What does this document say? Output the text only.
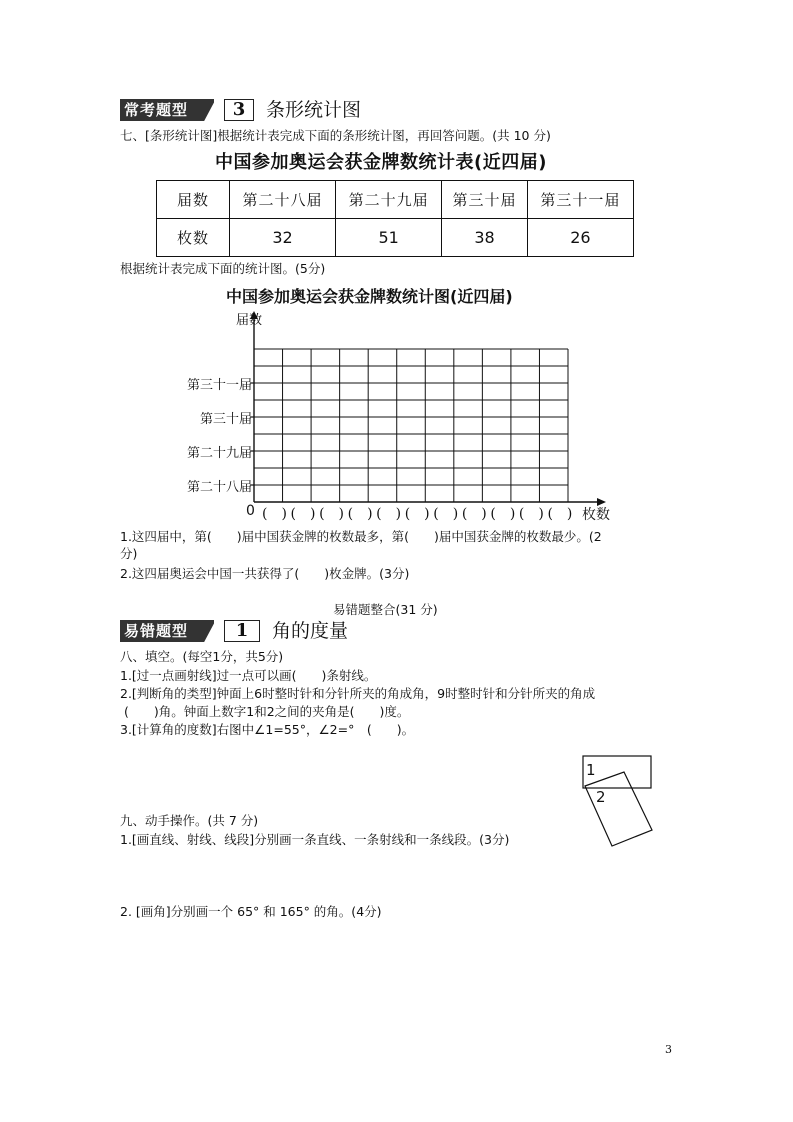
常考题型	3	条形统计图
七、[条形统计图]根据统计表完成下面的条形统计图，再回答问题。(共 10 分)
中国参加奥运会获金牌数统计表(近四届)
届数	第二十八届	第二十九届	第三十届	第三十一届
枚数	32	51	38	26
根据统计表完成下面的统计图。(5分)
中国参加奥运会获金牌数统计图(近四届)
第三十一届
第三十届
第二十九届
第二十八届
届数
枚数
0 (　) (　) (　) (　) (　) (　) (　) (　) (　) (　) (　)
1.这四届中，第(　　)届中国获金牌的枚数最多，第(　　)届中国获金牌的枚数最少。(2
分)
2.这四届奥运会中国一共获得了(　　)枚金牌。(3分)
易错题整合(31 分)
易错题型	1	角的度量
八、填空。(每空1分，共5分)
1.[过一点画射线]过一点可以画(　　)条射线。
2.[判断角的类型]钟面上6时整时针和分针所夹的角成角，9时整时针和分针所夹的角成
(　　)角。钟面上数字1和2之间的夹角是(　　)度。
3.[计算角的度数]右图中∠1=55°，∠2=°　(　　)。
1
2
九、动手操作。(共 7 分)
1.[画直线、射线、线段]分别画一条直线、一条射线和一条线段。(3分)
2. [画角]分别画一个 65° 和 165° 的角。(4分)
3
